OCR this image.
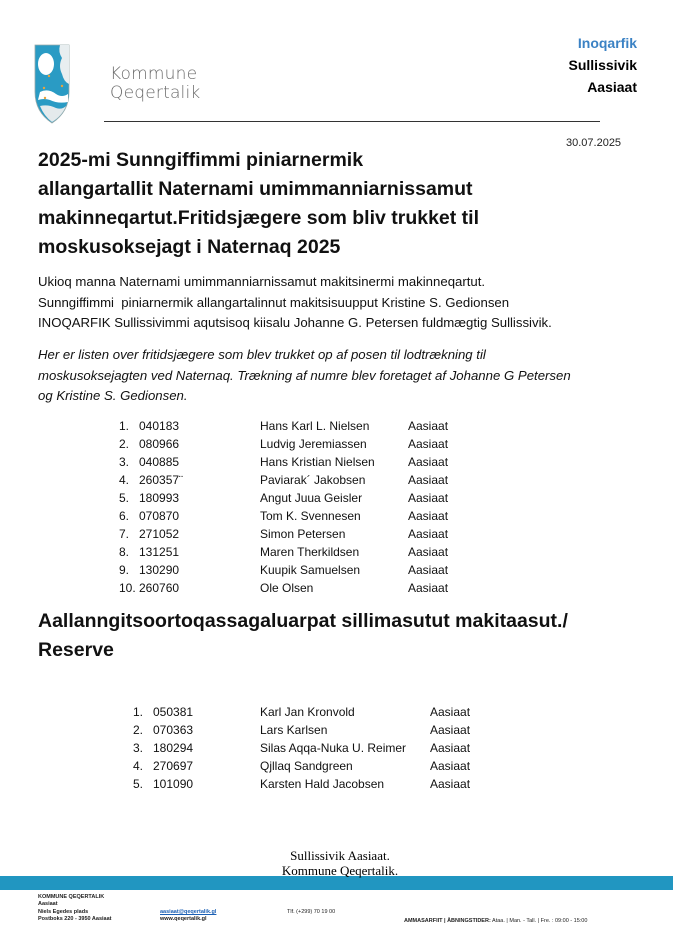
Kommune
Qeqertalik
Inoqarfik
Sullissivik
Aasiaat
30.07.2025
2025-mi Sunngiffimmi piniarnermik
allangartallit Naternami umimmanniarnissamut
makinneqartut.Fritidsjægere som bliv trukket til
moskusoksejagt i Naternaq 2025
Ukioq manna Naternami umimmanniarnissamut makitsinermi makinneqartut.
Sunngiffimmi  piniarnermik allangartalinnut makitsisuupput Kristine S. Gedionsen
INOQARFIK Sullissivimmi aqutsisoq kiisalu Johanne G. Petersen fuldmægtig Sullissivik.
Her er listen over fritidsjægere som blev trukket op af posen til lodtrækning til
moskusoksejagten ved Naternaq. Trækning af numre blev foretaget af Johanne G Petersen
og Kristine S. Gedionsen.
1. 040183	Hans Karl L. Nielsen	Aasiaat
2. 080966	Ludvig Jeremiassen	Aasiaat
3. 040885	Hans Kristian Nielsen	Aasiaat
4. 260357¨	Paviarak´ Jakobsen	Aasiaat
5. 180993	Angut Juua Geisler	Aasiaat
6. 070870	Tom K. Svennesen	Aasiaat
7. 271052	Simon Petersen	Aasiaat
8. 131251	Maren Therkildsen	Aasiaat
9. 130290	Kuupik Samuelsen	Aasiaat
10. 260760	Ole Olsen	Aasiaat
Aallanngitsoortoqassagaluarpat sillimasutut makitaasut./
Reserve
1. 050381	Karl Jan Kronvold	Aasiaat
2. 070363	Lars Karlsen	Aasiaat
3. 180294	Silas Aqqa-Nuka U. Reimer Aasiaat
4. 270697	Qjllaq Sandgreen	Aasiaat
5. 101090	Karsten Hald Jacobsen	Aasiaat
Sullissivik Aasiaat.
Kommune Qeqertalik.
KOMMUNE QEQERTALIK
Aasiaat
Niels Egedes plads
Postboks 220 - 3950 Aasiaat
aasiaat@qeqertalik.gl
www.qeqertalik.gl
Tlf. (+299) 70 19 00
AMMASARFIIT | ÅBNINGSTIDER: Ataa. | Man. - Tall. | Fre. : 09:00 - 15:00
